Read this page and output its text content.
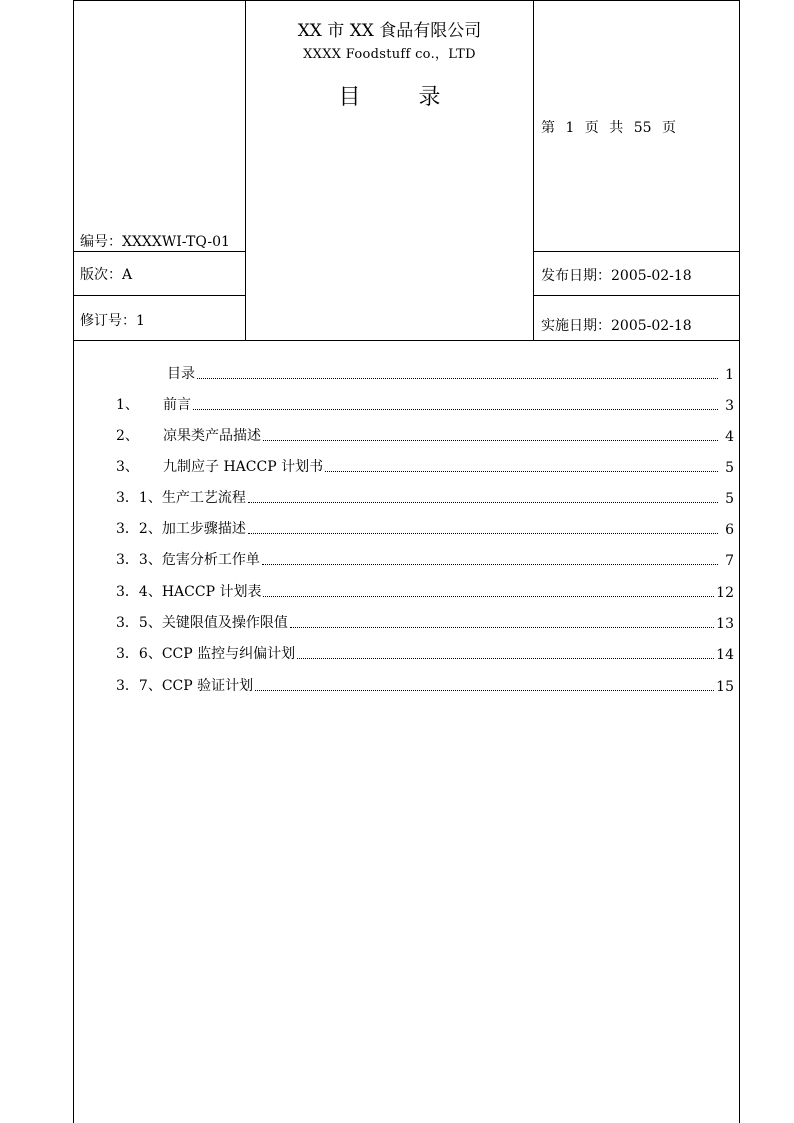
XX 市 XX 食品有限公司
XXXX Foodstuff co.，LTD
目录
编号：XXXXWI-TQ-01
版次：A
修订号：1
第 1 页 共 55 页
发布日期：2005-02-18
实施日期：2005-02-18
目录	1
1、	前言	3
2、	凉果类产品描述	4
3、	九制应子 HACCP 计划书	5
3．1、 生产工艺流程	5
3．2、 加工步骤描述	6
3．3、 危害分析工作单	7
3．4、 HACCP 计划表	12
3．5、 关键限值及操作限值	13
3．6、 CCP 监控与纠偏计划	14
3．7、 CCP 验证计划	15
